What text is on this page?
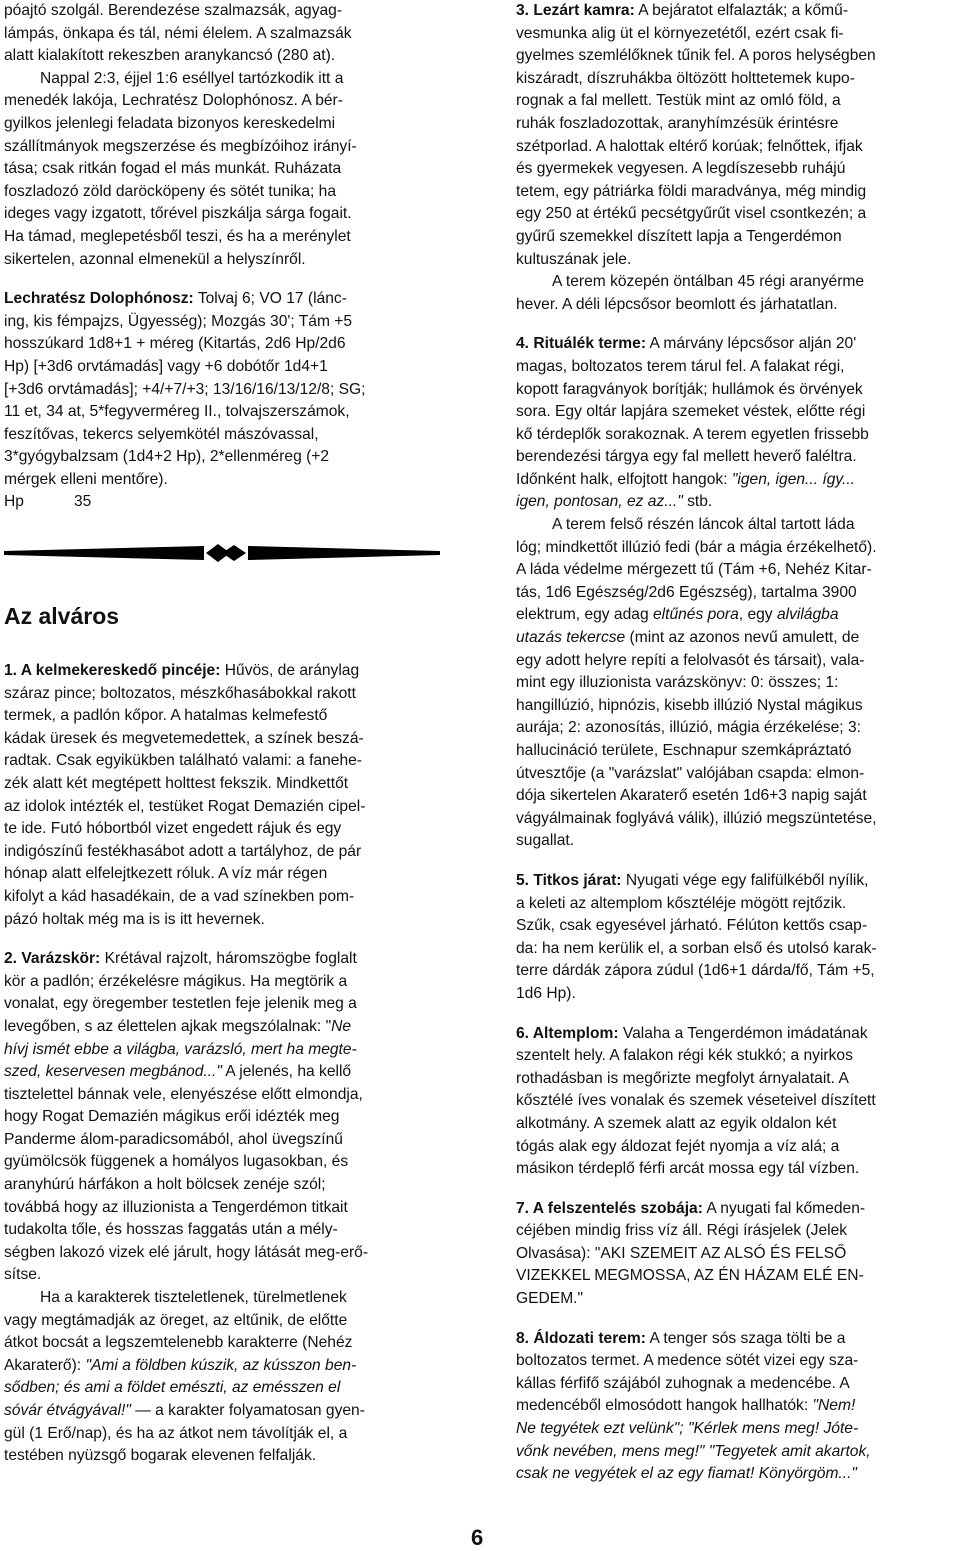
póajtó szolgál. Berendezése szalmazsák, agyag-
lámpás, önkapa és tál, némi élelem. A szalmazsák
alatt kialakított rekeszben aranykancsó (280 at).
Nappal 2:3, éjjel 1:6 eséllyel tartózkodik itt a
menedék lakója, Lechratész Dolophónosz. A bér-
gyilkos jelenlegi feladata bizonyos kereskedelmi
szállítmányok megszerzése és megbízóihoz irányí-
tása; csak ritkán fogad el más munkát. Ruházata
foszladozó zöld daröcköpeny és sötét tunika; ha
ideges vagy izgatott, tőrével piszkálja sárga fogait.
Ha támad, meglepetésből teszi, és ha a merénylet
sikertelen, azonnal elmenekül a helyszínről.

Lechratész Dolophónosz: Tolvaj 6; VO 17 (lánc-
ing, kis fémpajzs, Ügyesség); Mozgás 30'; Tám +5
hosszúkard 1d8+1 + méreg (Kitartás, 2d6 Hp/2d6
Hp) [+3d6 orvtámadás] vagy +6 dobótőr 1d4+1
[+3d6 orvtámadás]; +4/+7/+3; 13/16/16/13/12/8; SG;
11 et, 34 at, 5*fegyverméreg II., tolvajszerszámok,
feszítővas, tekercs selyemkötél mászóvassal,
3*gyógybalzsam (1d4+2 Hp), 2*ellenméreg (+2
mérgek elleni mentőre).
Hp	35

Az alváros

1. A kelmekereskedő pincéje: Hűvös, de aránylag
száraz pince; boltozatos, mészkőhasábokkal rakott
termek, a padlón kőpor. A hatalmas kelmefestő
kádak üresek és megvetemedettek, a színek beszá-
radtak. Csak egyikükben található valami: a fanehe-
zék alatt két megtépett holttest fekszik. Mindkettőt
az idolok intézték el, testüket Rogat Demazién cipel-
te ide. Futó hóbortból vizet engedett rájuk és egy
indigószínű festékhasábot adott a tartályhoz, de pár
hónap alatt elfelejtkezett róluk. A víz már régen
kifolyt a kád hasadékain, de a vad színekben pom-
pázó holtak még ma is is itt hevernek.

2. Varázskör: Krétával rajzolt, háromszögbe foglalt
kör a padlón; érzékelésre mágikus. Ha megtörik a
vonalat, egy öregember testetlen feje jelenik meg a
levegőben, s az élettelen ajkak megszólalnak: "Ne
hívj ismét ebbe a világba, varázsló, mert ha megte-
szed, keservesen megbánod..." A jelenés, ha kellő
tisztelettel bánnak vele, elenyészése előtt elmondja,
hogy Rogat Demazién mágikus erői idézték meg
Panderme álom-paradicsomából, ahol üvegszínű
gyümölcsök függenek a homályos lugasokban, és
aranyhúrú hárfákon a holt bölcsek zenéje szól;
továbbá hogy az illuzionista a Tengerdémon titkait
tudakolta tőle, és hosszas faggatás után a mély-
ségben lakozó vizek elé járult, hogy látását meg-erő-
sítse.

Ha a karakterek tiszteletlenek, türelmetlenek
vagy megtámadják az öreget, az eltűnik, de előtte
átkot bocsát a legszemtelenebb karakterre (Nehéz
Akaraterő): "Ami a földben kúszik, az kússzon ben-
sődben; és ami a földet emészti, az emésszen el
sóvár étvágyával!" — a karakter folyamatosan gyen-
gül (1 Erő/nap), és ha az átkot nem távolítják el, a
testében nyüzsgő bogarak elevenen felfalják.

3. Lezárt kamra: A bejáratot elfalazták; a kőmű-
vesmunka alig üt el környezetétől, ezért csak fi-
gyelmes szemlélőknek tűnik fel. A poros helységben
kiszáradt, díszruhákba öltözött holttetemek kupo-
rognak a fal mellett. Testük mint az omló föld, a
ruhák foszladozottak, aranyhímzésük érintésre
szétporlad. A halottak eltérő korúak; felnőttek, ifjak
és gyermekek vegyesen. A legdíszesebb ruhájú
tetem, egy pátriárka földi maradványa, még mindig
egy 250 at értékű pecsétgyűrűt visel csontkezén; a
gyűrű szemekkel díszített lapja a Tengerdémon
kultuszának jele.

A terem közepén öntálban 45 régi aranyérme
hever. A déli lépcsősor beomlott és járhatatlan.

4. Rituálék terme: A márvány lépcsősor alján 20'
magas, boltozatos terem tárul fel. A falakat régi,
kopott faragványok borítják; hullámok és örvények
sora. Egy oltár lapjára szemeket véstek, előtte régi
kő térdeplők sorakoznak. A terem egyetlen frissebb
berendezési tárgya egy fal mellett heverő faléltra.
Időnként halk, elfojtott hangok: "igen, igen... így...
igen, pontosan, ez az..." stb.

A terem felső részén láncok által tartott láda
lóg; mindkettőt illúzió fedi (bár a mágia érzékelhető).
A láda védelme mérgezett tű (Tám +6, Nehéz Kitar-
tás, 1d6 Egészség/2d6 Egészség), tartalma 3900
elektrum, egy adag eltűnés pora, egy alvilágba
utazás tekercse (mint az azonos nevű amulett, de
egy adott helyre repíti a felolvasót és társait), vala-
mint egy illuzionista varázskönyv: 0: összes; 1:
hangillúzió, hipnózis, kisebb illúzió Nystal mágikus
aurája; 2: azonosítás, illúzió, mágia érzékelése; 3:
hallucináció területe, Eschnapur szemkápráztató
útvesztője (a "varázslat" valójában csapda: elmon-
dója sikertelen Akaraterő esetén 1d6+3 napig saját
vágyálmainak foglyává válik), illúzió megszüntetése,
sugallat.

5. Titkos járat: Nyugati vége egy falifülkéből nyílik,
a keleti az altemplom kősztéléje mögött rejtőzik.
Szűk, csak egyesével járható. Félúton kettős csap-
da: ha nem kerülik el, a sorban első és utolsó karak-
terre dárdák zápora zúdul (1d6+1 dárda/fő, Tám +5,
1d6 Hp).

6. Altemplom: Valaha a Tengerdémon imádatának
szentelt hely. A falakon régi kék stukkó; a nyirkos
rothadásban is megőrizte megfolyt árnyalatait. A
kősztélé íves vonalak és szemek véseteivel díszített
alkotmány. A szemek alatt az egyik oldalon két
tógás alak egy áldozat fejét nyomja a víz alá; a
másikon térdeplő férfi arcát mossa egy tál vízben.

7. A felszentelés szobája: A nyugati fal kőmeden-
céjében mindig friss víz áll. Régi írásjelek (Jelek
Olvasása): "AKI SZEMEIT AZ ALSÓ ÉS FELSŐ
VIZEKKEL MEGMOSSA, AZ ÉN HÁZAM ELÉ EN-
GEDEM."

8. Áldozati terem: A tenger sós szaga tölti be a
boltozatos termet. A medence sötét vizei egy sza-
kállas férfifő szájából zuhognak a medencébe. A
medencéből elmosódott hangok hallhatók: "Nem!
Ne tegyétek ezt velünk"; "Kérlek mens meg! Jóte-
vőnk nevében, mens meg!" "Tegyetek amit akartok,
csak ne vegyétek el az egy fiamat! Könyörgöm..."

6
